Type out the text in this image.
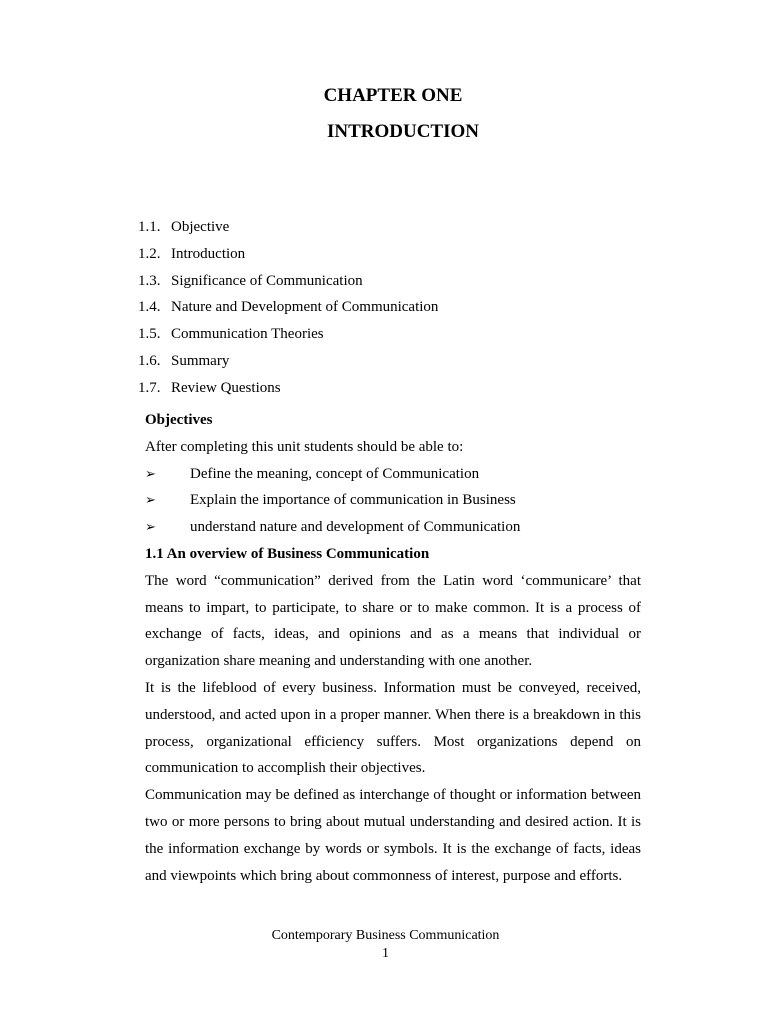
CHAPTER ONE
INTRODUCTION
1.1. Objective
1.2. Introduction
1.3. Significance of Communication
1.4. Nature and Development of Communication
1.5. Communication Theories
1.6. Summary
1.7. Review Questions

Objectives

After completing this unit students should be able to:

➢ Define the meaning, concept of Communication
➢ Explain the importance of communication in Business
➢ understand nature and development of Communication

1.1 An overview of Business Communication

The word “communication” derived from the Latin word ‘communicare’ that means to impart, to participate, to share or to make common. It is a process of exchange of facts, ideas, and opinions and as a means that individual or organization share meaning and understanding with one another.

It is the lifeblood of every business. Information must be conveyed, received, understood, and acted upon in a proper manner. When there is a breakdown in this process, organizational efficiency suffers. Most organizations depend on communication to accomplish their objectives.

Communication may be defined as interchange of thought or information between two or more persons to bring about mutual understanding and desired action. It is the information exchange by words or symbols. It is the exchange of facts, ideas and viewpoints which bring about commonness of interest, purpose and efforts.

Contemporary Business Communication
1
